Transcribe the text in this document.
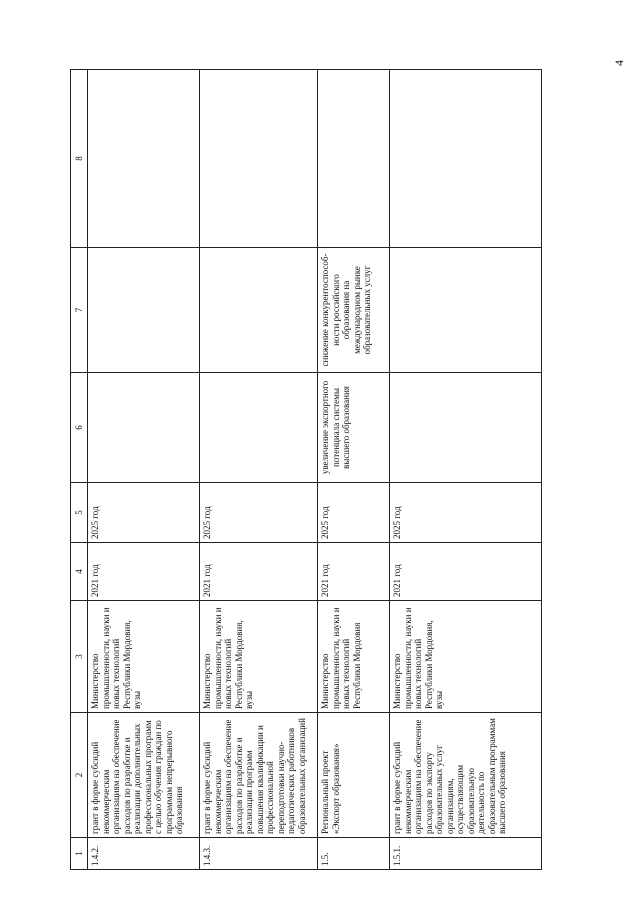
4
1	2	3	4	5	6	7	8
1.4.2.	грант в форме субсидий некоммерческим организациям на обеспечение расходов по разработке и реализации дополнительных профессиональных программ с целью обучения граждан по программам непрерывного образования	Министерство промышленности, науки и новых технологий Республики Мордовия, вузы	2021 год	2025 год			
1.4.3.	грант в форме субсидий некоммерческим организациям на обеспечение расходов по разработке и реализации программ повышения квалификации и профессиональной переподготовки научно-педагогических работников образовательных организаций	Министерство промышленности, науки и новых технологий Республики Мордовия, вузы	2021 год	2025 год			
1.5.	Региональный проект «Экспорт образования»	Министерство промышленности, науки и новых технологий Республики Мордовия	2021 год	2025 год	увеличение экспортного потенциала системы высшего образования	снижение конкурентоспособ-ности российского образования на международном рынке образовательных услуг	
1.5.1.	грант в форме субсидий некоммерческим организациям на обеспечение расходов по экспорту образовательных услуг организациям, осуществляющим образовательную деятельность по образовательным программам высшего образования	Министерство промышленности, науки и новых технологий Республики Мордовия, вузы	2021 год	2025 год			
